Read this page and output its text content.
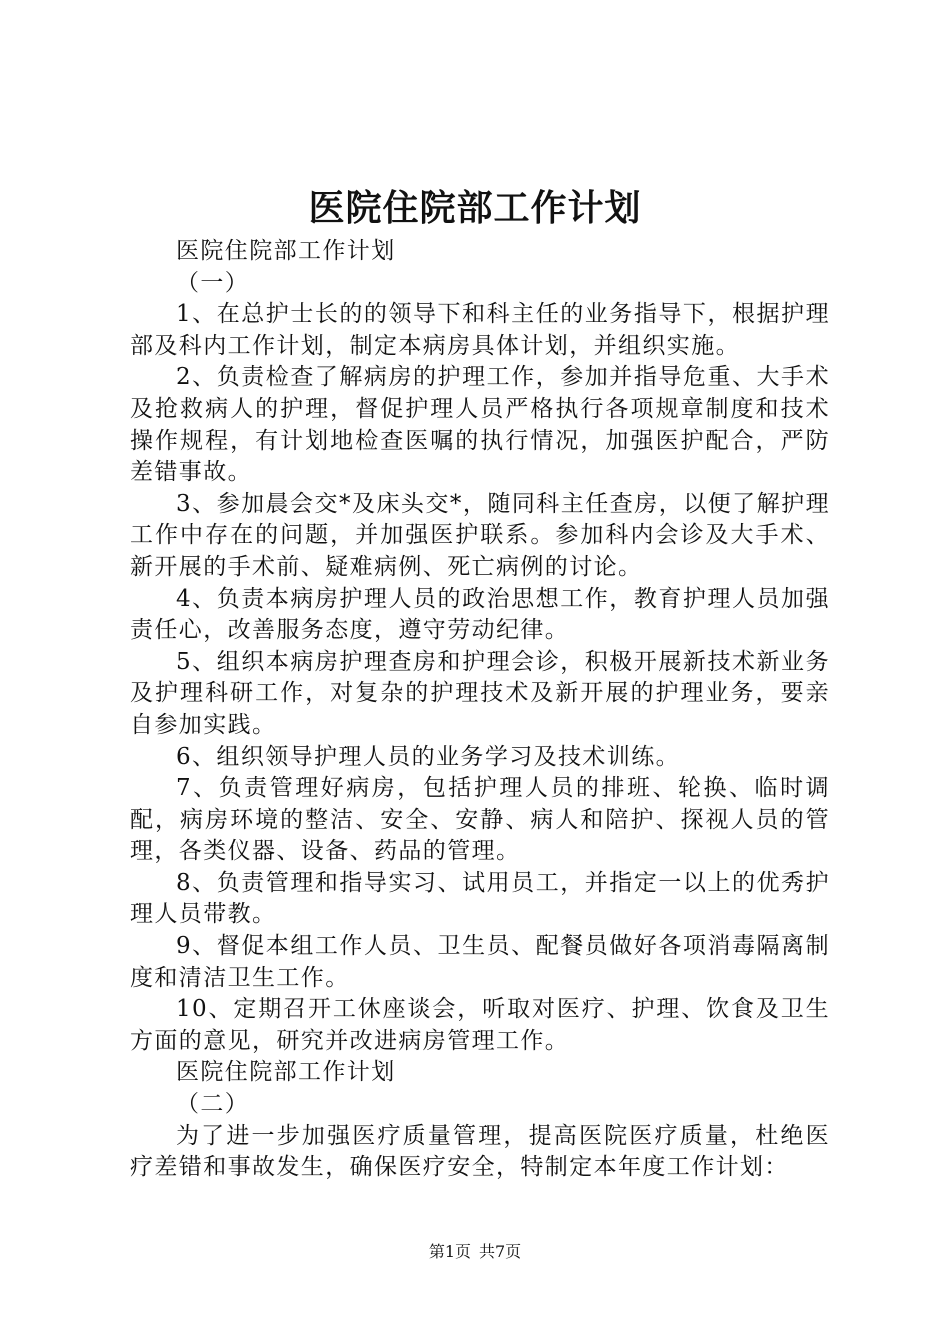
医院住院部工作计划

医院住院部工作计划

（一）

1、在总护士长的的领导下和科主任的业务指导下，根据护理部及科内工作计划，制定本病房具体计划，并组织实施。

2、负责检查了解病房的护理工作，参加并指导危重、大手术及抢救病人的护理，督促护理人员严格执行各项规章制度和技术操作规程，有计划地检查医嘱的执行情况，加强医护配合，严防差错事故。

3、参加晨会交*及床头交*，随同科主任查房，以便了解护理工作中存在的问题，并加强医护联系。参加科内会诊及大手术、新开展的手术前、疑难病例、死亡病例的讨论。

4、负责本病房护理人员的政治思想工作，教育护理人员加强责任心，改善服务态度，遵守劳动纪律。

5、组织本病房护理查房和护理会诊，积极开展新技术新业务及护理科研工作，对复杂的护理技术及新开展的护理业务，要亲自参加实践。

6、组织领导护理人员的业务学习及技术训练。

7、负责管理好病房，包括护理人员的排班、轮换、临时调配，病房环境的整洁、安全、安静、病人和陪护、探视人员的管理，各类仪器、设备、药品的管理。

8、负责管理和指导实习、试用员工，并指定一以上的优秀护理人员带教。

9、督促本组工作人员、卫生员、配餐员做好各项消毒隔离制度和清洁卫生工作。

10、定期召开工休座谈会，听取对医疗、护理、饮食及卫生方面的意见，研究并改进病房管理工作。

医院住院部工作计划

（二）

为了进一步加强医疗质量管理，提高医院医疗质量，杜绝医疗差错和事故发生，确保医疗安全，特制定本年度工作计划：

第1页 共7页
